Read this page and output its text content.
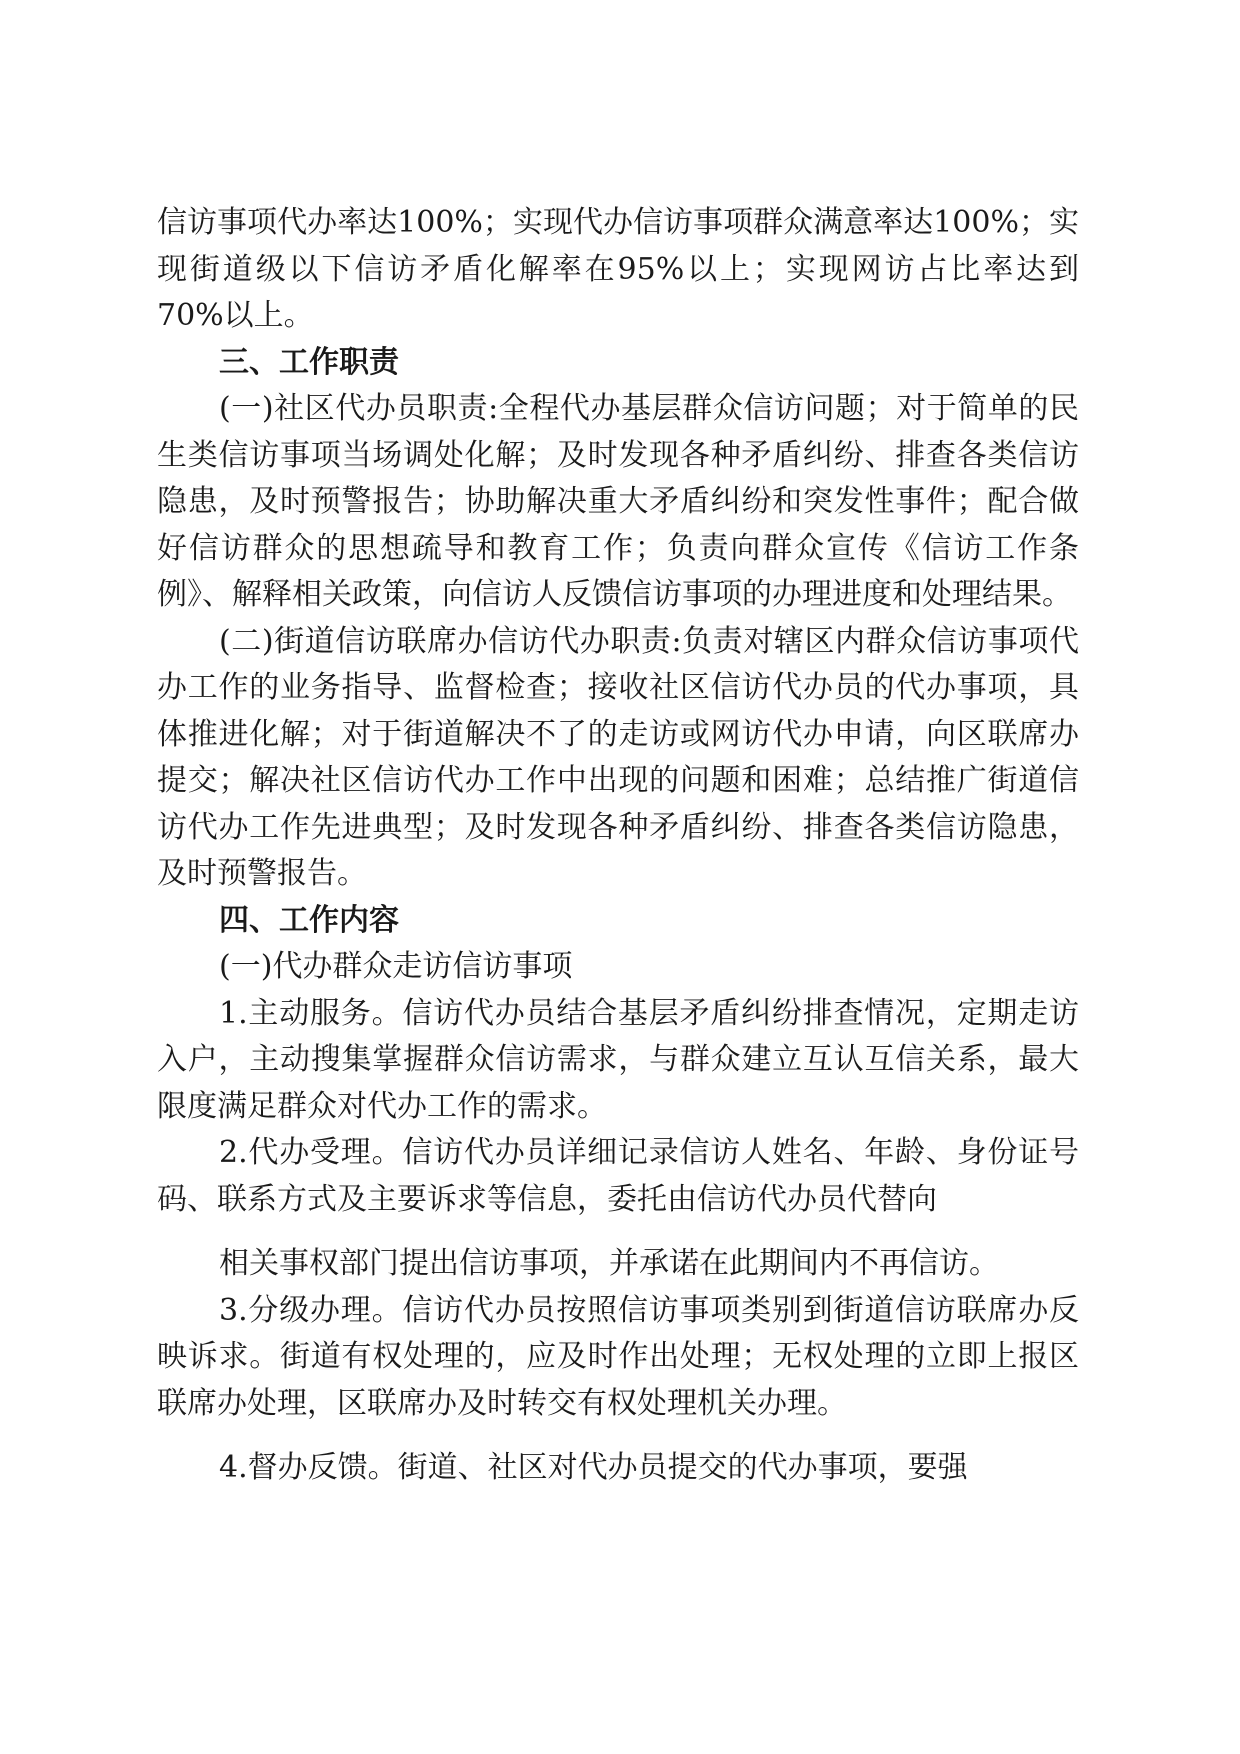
信访事项代办率达100%；实现代办信访事项群众满意率达100%；实现街道级以下信访矛盾化解率在95%以上；实现网访占比率达到 70%以上。

三、工作职责

(一)社区代办员职责:全程代办基层群众信访问题；对于简单的民生类信访事项当场调处化解；及时发现各种矛盾纠纷、排查各类信访隐患，及时预警报告；协助解决重大矛盾纠纷和突发性事件；配合做好信访群众的思想疏导和教育工作；负责向群众宣传《信访工作条例》、解释相关政策，向信访人反馈信访事项的办理进度和处理结果。

(二)街道信访联席办信访代办职责:负责对辖区内群众信访事项代办工作的业务指导、监督检查；接收社区信访代办员的代办事项，具体推进化解；对于街道解决不了的走访或网访代办申请，向区联席办提交；解决社区信访代办工作中出现的问题和困难；总结推广街道信访代办工作先进典型；及时发现各种矛盾纠纷、排查各类信访隐患，及时预警报告。

四、工作内容

(一)代办群众走访信访事项

1.主动服务。信访代办员结合基层矛盾纠纷排查情况，定期走访入户，主动搜集掌握群众信访需求，与群众建立互认互信关系，最大限度满足群众对代办工作的需求。

2.代办受理。信访代办员详细记录信访人姓名、年龄、身份证号码、联系方式及主要诉求等信息，委托由信访代办员代替向

相关事权部门提出信访事项，并承诺在此期间内不再信访。

3.分级办理。信访代办员按照信访事项类别到街道信访联席办反映诉求。街道有权处理的，应及时作出处理；无权处理的立即上报区联席办处理，区联席办及时转交有权处理机关办理。

4.督办反馈。街道、社区对代办员提交的代办事项，要强
